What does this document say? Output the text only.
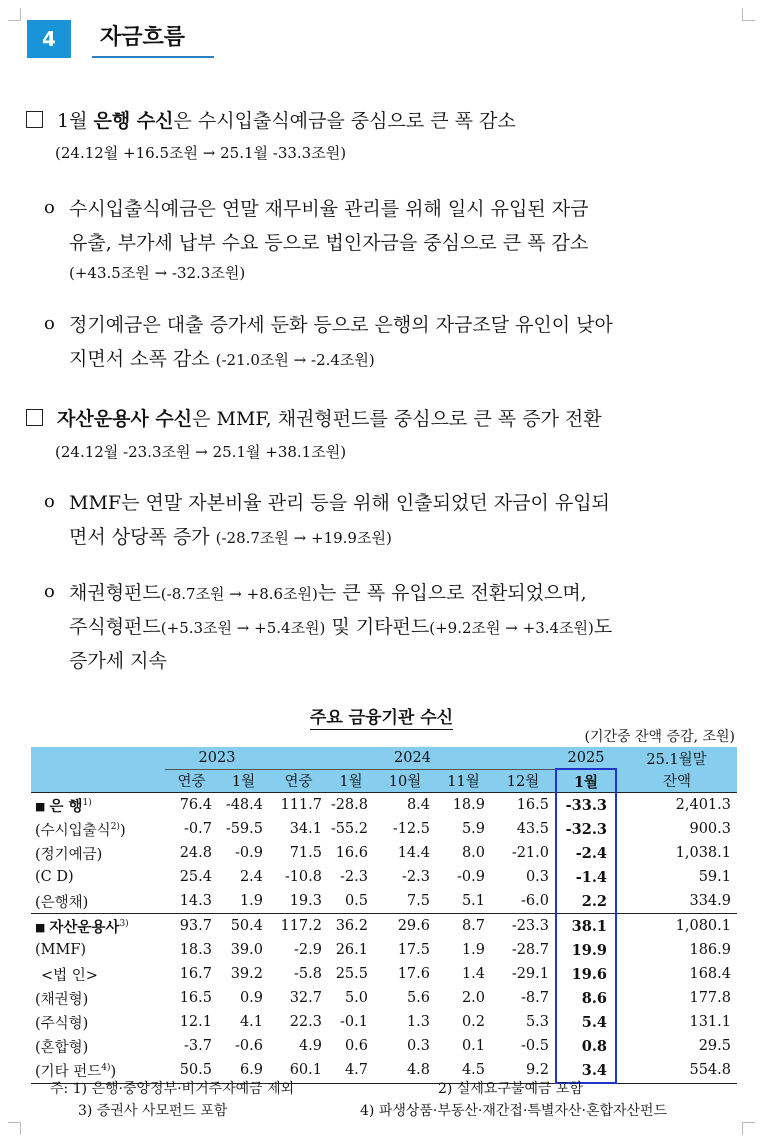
4	자금흐름
1월 은행 수신은 수시입출식예금을 중심으로 큰 폭 감소
(24.12월 +16.5조원 → 25.1월 -33.3조원)
o 수시입출식예금은 연말 재무비율 관리를 위해 일시 유입된 자금
유출, 부가세 납부 수요 등으로 법인자금을 중심으로 큰 폭 감소
(+43.5조원 → -32.3조원)
o 정기예금은 대출 증가세 둔화 등으로 은행의 자금조달 유인이 낮아
지면서 소폭 감소 (-21.0조원 → -2.4조원)
자산운용사 수신은 MMF, 채권형펀드를 중심으로 큰 폭 증가 전환
(24.12월 -23.3조원 → 25.1월 +38.1조원)
o MMF는 연말 자본비율 관리 등을 위해 인출되었던 자금이 유입되
면서 상당폭 증가 (-28.7조원 → +19.9조원)
o 채권형펀드(-8.7조원 → +8.6조원)는 큰 폭 유입으로 전환되었으며,
주식형펀드(+5.3조원 → +5.4조원) 및 기타펀드(+9.2조원 → +3.4조원)도
증가세 지속
주요 금융기관 수신
(기간중 잔액 증감, 조원)
	2023		2024					2025	25.1월말
	연중	1월	연중	1월	10월	11월	12월	1월	잔액
■ 은 행$^{1)}$	76.4	-48.4	111.7	-28.8	8.4	18.9	16.5	-33.3	2,401.3
(수시입출식$^{2)}$)	-0.7	-59.5	34.1	-55.2	-12.5	5.9	43.5	-32.3	900.3
(정기예금)	24.8	-0.9	71.5	16.6	14.4	8.0	-21.0	-2.4	1,038.1
(C D)	25.4	2.4	-10.8	-2.3	-2.3	-0.9	0.3	-1.4	59.1
(은행채)	14.3	1.9	19.3	0.5	7.5	5.1	-6.0	2.2	334.9
■ 자산운용사$^{3)}$	93.7	50.4	117.2	36.2	29.6	8.7	-23.3	38.1	1,080.1
(MMF)	18.3	39.0	-2.9	26.1	17.5	1.9	-28.7	19.9	186.9
<법 인>	16.7	39.2	-5.8	25.5	17.6	1.4	-29.1	19.6	168.4
(채권형)	16.5	0.9	32.7	5.0	5.6	2.0	-8.7	8.6	177.8
(주식형)	12.1	4.1	22.3	-0.1	1.3	0.2	5.3	5.4	131.1
(혼합형)	-3.7	-0.6	4.9	0.6	0.3	0.1	-0.5	0.8	29.5
(기타 펀드$^{4)}$)	50.5	6.9	60.1	4.7	4.8	4.5	9.2	3.4	554.8
주: 1) 은행·중앙정부·비거주자예금 제외	2) 실세요구불예금 포함
3) 증권사 사모펀드 포함	4) 파생상품·부동산·재간접·특별자산·혼합자산펀드
